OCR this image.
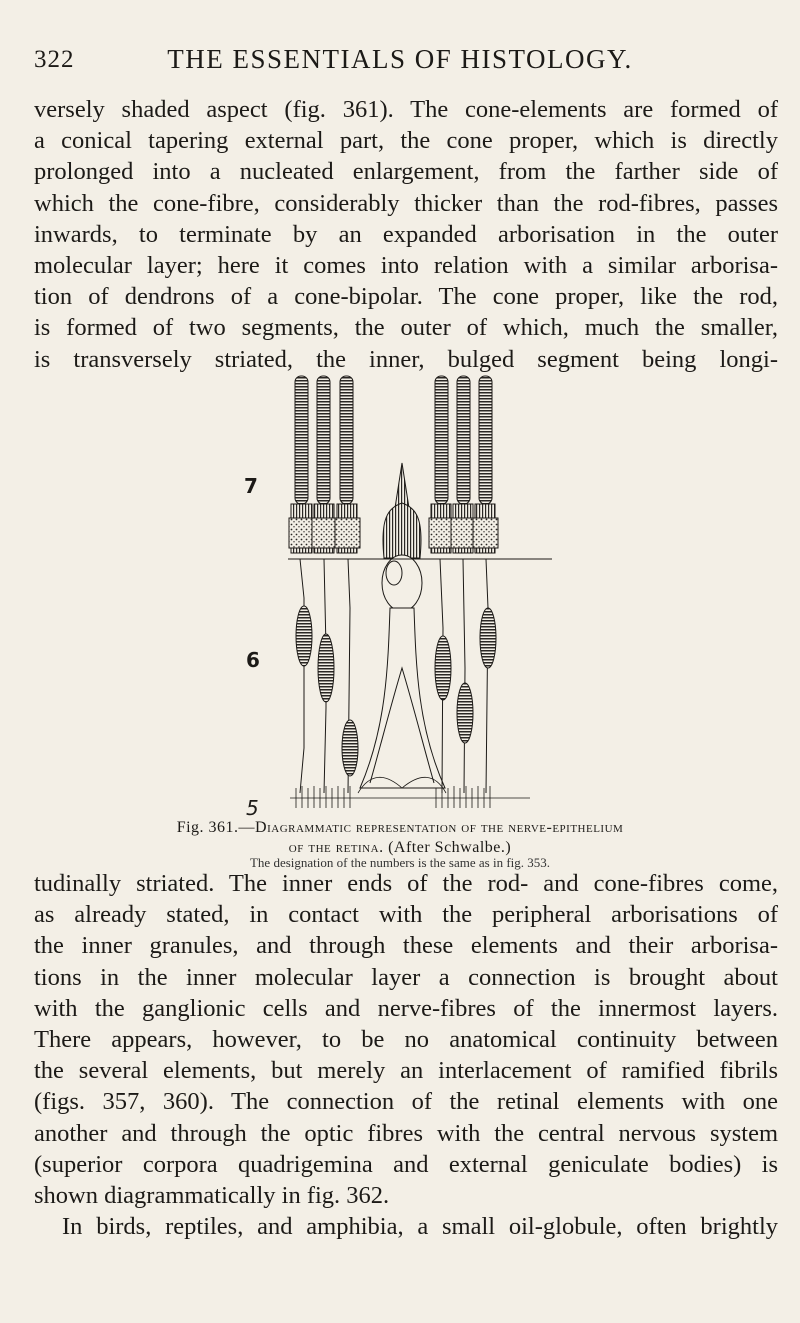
322	THE ESSENTIALS OF HISTOLOGY.
versely shaded aspect (fig. 361). The cone-elements are formed of
a conical tapering external part, the cone proper, which is directly
prolonged into a nucleated enlargement, from the farther side of
which the cone-fibre, considerably thicker than the rod-fibres, passes
inwards, to terminate by an expanded arborisation in the outer
molecular layer; here it comes into relation with a similar arborisa-
tion of dendrons of a cone-bipolar. The cone proper, like the rod,
is formed of two segments, the outer of which, much the smaller,
is transversely striated, the inner, bulged segment being longi-
7
6
5
Fig. 361.—Diagrammatic representation of the nerve-epithelium
of the retina. (After Schwalbe.)
The designation of the numbers is the same as in fig. 353.
tudinally striated. The inner ends of the rod- and cone-fibres come,
as already stated, in contact with the peripheral arborisations of
the inner granules, and through these elements and their arborisa-
tions in the inner molecular layer a connection is brought about
with the ganglionic cells and nerve-fibres of the innermost layers.
There appears, however, to be no anatomical continuity between
the several elements, but merely an interlacement of ramified fibrils
(figs. 357, 360). The connection of the retinal elements with one
another and through the optic fibres with the central nervous system
(superior corpora quadrigemina and external geniculate bodies) is
shown diagrammatically in fig. 362.
In birds, reptiles, and amphibia, a small oil-globule, often brightly
